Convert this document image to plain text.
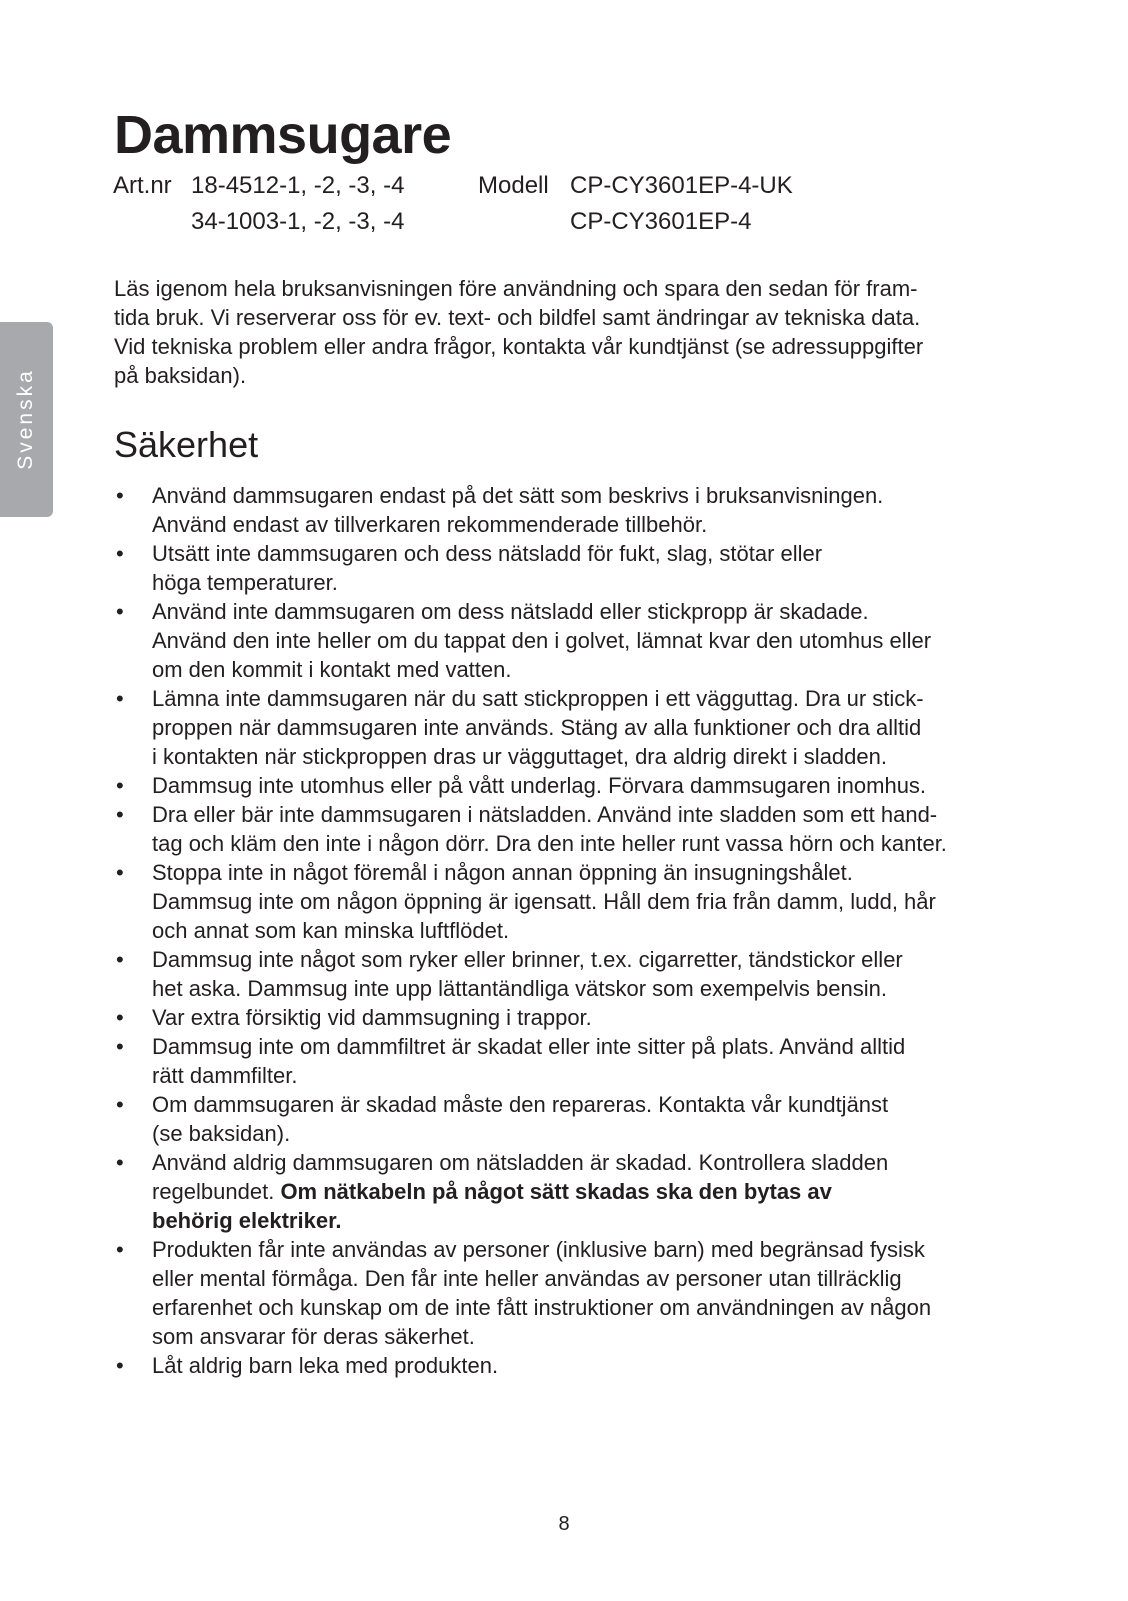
Svenska
Dammsugare
Art.nr 18-4512-1, -2, -3, -4
34-1003-1, -2, -3, -4
Modell CP-CY3601EP-4-UK
CP-CY3601EP-4

Läs igenom hela bruksanvisningen före användning och spara den sedan för fram-
tida bruk. Vi reserverar oss för ev. text- och bildfel samt ändringar av tekniska data.
Vid tekniska problem eller andra frågor, kontakta vår kundtjänst (se adressuppgifter
på baksidan).

Säkerhet
• Använd dammsugaren endast på det sätt som beskrivs i bruksanvisningen.
Använd endast av tillverkaren rekommenderade tillbehör.
• Utsätt inte dammsugaren och dess nätsladd för fukt, slag, stötar eller
höga temperaturer.
• Använd inte dammsugaren om dess nätsladd eller stickpropp är skadade.
Använd den inte heller om du tappat den i golvet, lämnat kvar den utomhus eller
om den kommit i kontakt med vatten.
• Lämna inte dammsugaren när du satt stickproppen i ett vägguttag. Dra ur stick-
proppen när dammsugaren inte används. Stäng av alla funktioner och dra alltid
i kontakten när stickproppen dras ur vägguttaget, dra aldrig direkt i sladden.
• Dammsug inte utomhus eller på vått underlag. Förvara dammsugaren inomhus.
• Dra eller bär inte dammsugaren i nätsladden. Använd inte sladden som ett hand-
tag och kläm den inte i någon dörr. Dra den inte heller runt vassa hörn och kanter.
• Stoppa inte in något föremål i någon annan öppning än insugningshålet.
Dammsug inte om någon öppning är igensatt. Håll dem fria från damm, ludd, hår
och annat som kan minska luftflödet.
• Dammsug inte något som ryker eller brinner, t.ex. cigarretter, tändstickor eller
het aska. Dammsug inte upp lättantändliga vätskor som exempelvis bensin.
• Var extra försiktig vid dammsugning i trappor.
• Dammsug inte om dammfiltret är skadat eller inte sitter på plats. Använd alltid
rätt dammfilter.
• Om dammsugaren är skadad måste den repareras. Kontakta vår kundtjänst
(se baksidan).
• Använd aldrig dammsugaren om nätsladden är skadad. Kontrollera sladden
regelbundet. Om nätkabeln på något sätt skadas ska den bytas av
behörig elektriker.
• Produkten får inte användas av personer (inklusive barn) med begränsad fysisk
eller mental förmåga. Den får inte heller användas av personer utan tillräcklig
erfarenhet och kunskap om de inte fått instruktioner om användningen av någon
som ansvarar för deras säkerhet.
• Låt aldrig barn leka med produkten.
8
